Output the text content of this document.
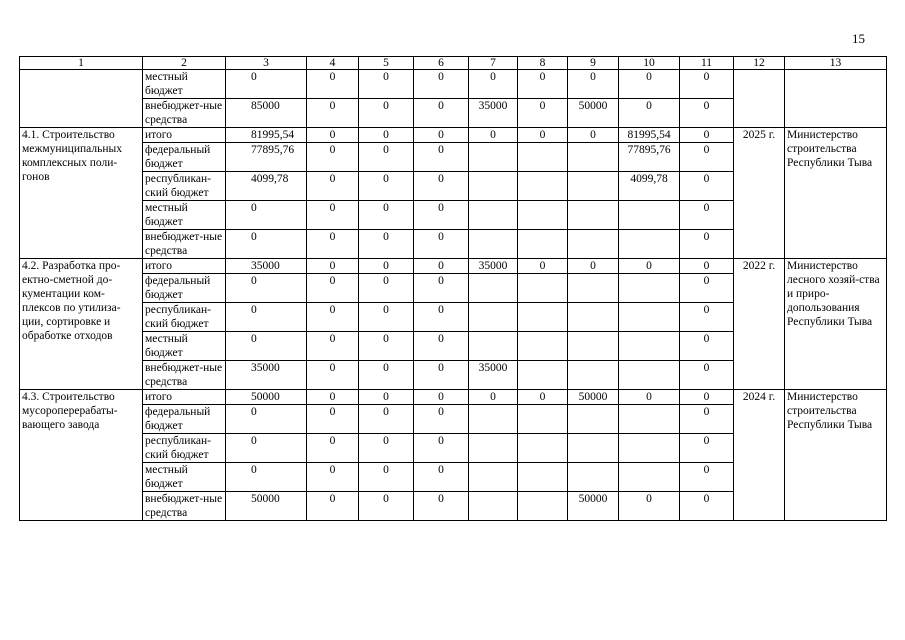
15
1	2	3	4	5	6	7	8	9	10	11	12	13
	местный бюджет	0	0	0	0	0	0	0	0	0		
	внебюджет-ные средства	85000	0	0	0	35000	0	50000	0	0		
4.1. Строительство межмуниципальных комплексных поли-гонов	итого	81995,54	0	0	0	0	0	0	81995,54	0	2025 г.	Министерство строительства Республики Тыва
	федеральный бюджет	77895,76	0	0	0				77895,76	0		
	республикан-ский бюджет	4099,78	0	0	0				4099,78	0		
	местный бюджет	0	0	0	0					0		
	внебюджет-ные средства	0	0	0	0					0		
4.2. Разработка про-ектно-сметной до-кументации ком-плексов по утилиза-ции, сортировке и обработке отходов	итого	35000	0	0	0	35000	0	0	0	0	2022 г.	Министерство лесного хозяй-ства и приро-допользования Республики Тыва
	федеральный бюджет	0	0	0	0					0		
	республикан-ский бюджет	0	0	0	0					0		
	местный бюджет	0	0	0	0					0		
	внебюджет-ные средства	35000	0	0	0	35000				0		
4.3. Строительство мусороперерабаты-вающего завода	итого	50000	0	0	0	0	0	50000	0	0	2024 г.	Министерство строительства Республики Тыва
	федеральный бюджет	0	0	0	0					0		
	республикан-ский бюджет	0	0	0	0					0		
	местный бюджет	0	0	0	0					0		
	внебюджет-ные средства	50000	0	0	0			50000	0	0		
